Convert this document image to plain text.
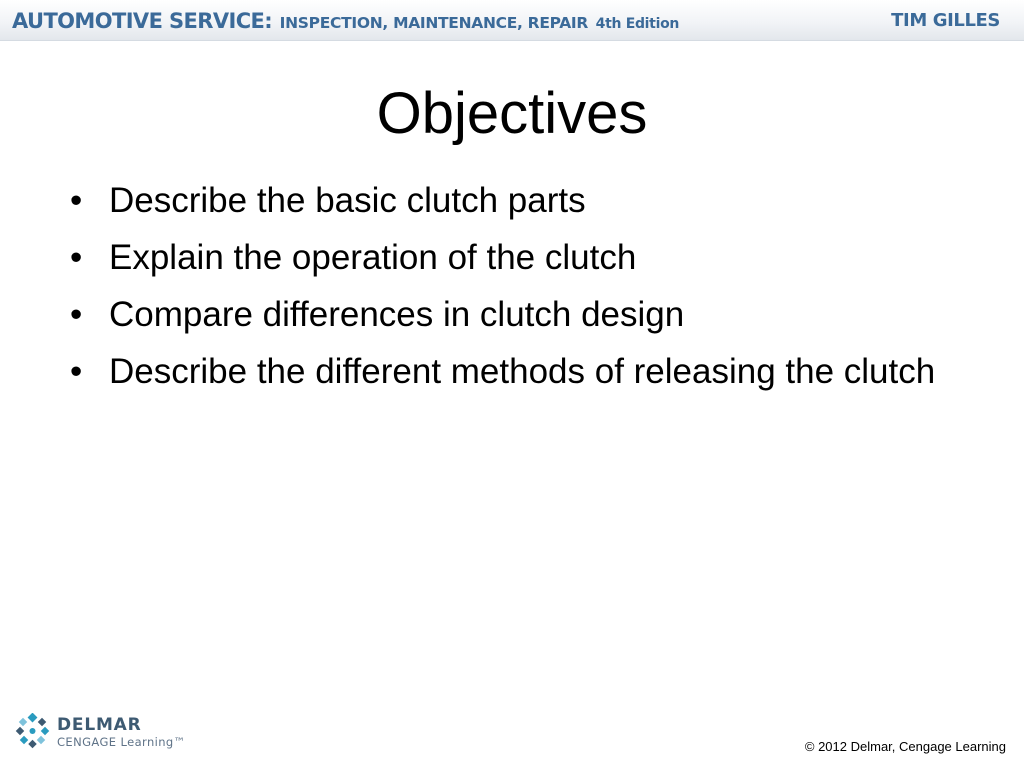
AUTOMOTIVE SERVICE: INSPECTION, MAINTENANCE, REPAIR 4th Edition	TIM GILLES
Objectives
• Describe the basic clutch parts
• Explain the operation of the clutch
• Compare differences in clutch design
• Describe the different methods of releasing the clutch
DELMAR
CENGAGE Learning™	© 2012 Delmar, Cengage Learning
